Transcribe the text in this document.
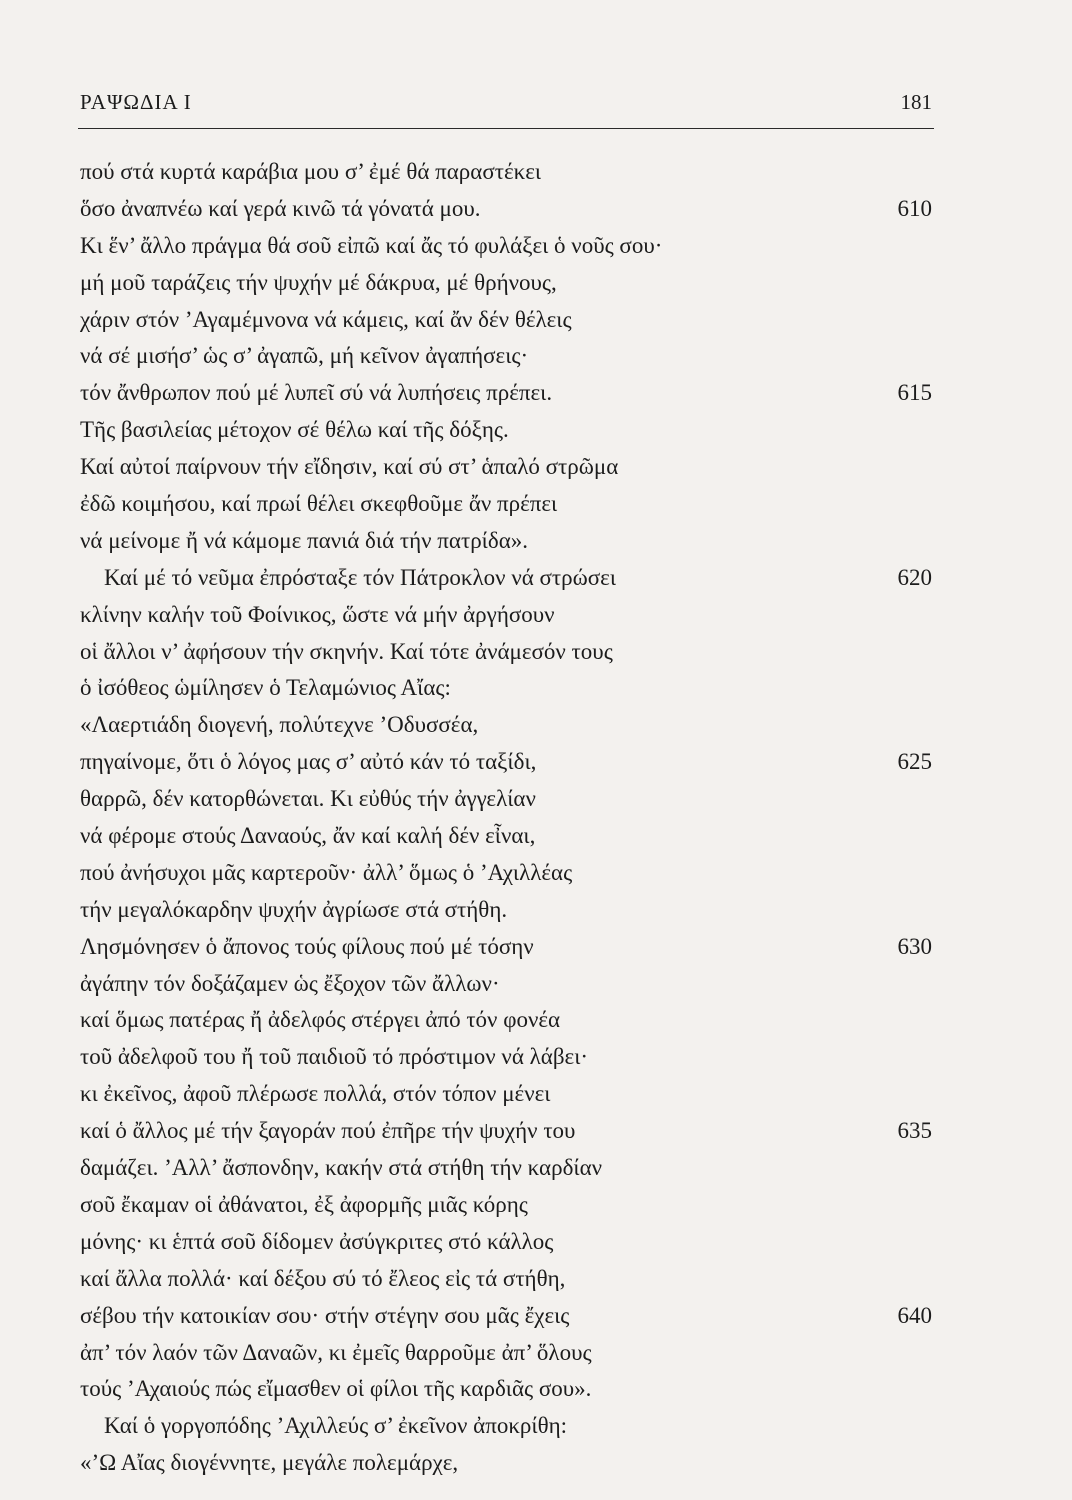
ΡΑΨΩΔΙΑ Ι	181
πού στά κυρτά καράβια μου σ’ ἐμέ θά παραστέκει
ὅσο ἀναπνέω καί γερά κινῶ τά γόνατά μου.	610
Κι ἕν’ ἄλλο πράγμα θά σοῦ εἰπῶ καί ἄς τό φυλάξει ὁ νοῦς σου·
μή μοῦ ταράζεις τήν ψυχήν μέ δάκρυα, μέ θρήνους,
χάριν στόν ’Αγαμέμνονα νά κάμεις, καί ἄν δέν θέλεις
νά σέ μισήσ’ ὡς σ’ ἀγαπῶ, μή κεῖνον ἀγαπήσεις·
τόν ἄνθρωπον πού μέ λυπεῖ σύ νά λυπήσεις πρέπει.	615
Τῆς βασιλείας μέτοχον σέ θέλω καί τῆς δόξης.
Καί αὐτοί παίρνουν τήν εἴδησιν, καί σύ στ’ ἁπαλό στρῶμα
ἐδῶ κοιμήσου, καί πρωί θέλει σκεφθοῦμε ἄν πρέπει
νά μείνομε ἤ νά κάμομε πανιά διά τήν πατρίδα».
Καί μέ τό νεῦμα ἐπρόσταξε τόν Πάτροκλον νά στρώσει	620
κλίνην καλήν τοῦ Φοίνικος, ὥστε νά μήν ἀργήσουν
οἱ ἄλλοι ν’ ἀφήσουν τήν σκηνήν. Καί τότε ἀνάμεσόν τους
ὁ ἰσόθεος ὡμίλησεν ὁ Τελαμώνιος Αἴας:
«Λαερτιάδη διογενή, πολύτεχνε ’Οδυσσέα,
πηγαίνομε, ὅτι ὁ λόγος μας σ’ αὐτό κάν τό ταξίδι,	625
θαρρῶ, δέν κατορθώνεται. Κι εὐθύς τήν ἀγγελίαν
νά φέρομε στούς Δαναούς, ἄν καί καλή δέν εἶναι,
πού ἀνήσυχοι μᾶς καρτεροῦν· ἀλλ’ ὅμως ὁ ’Αχιλλέας
τήν μεγαλόκαρδην ψυχήν ἀγρίωσε στά στήθη.
Λησμόνησεν ὁ ἄπονος τούς φίλους πού μέ τόσην	630
ἀγάπην τόν δοξάζαμεν ὡς ἔξοχον τῶν ἄλλων·
καί ὅμως πατέρας ἤ ἀδελφός στέργει ἀπό τόν φονέα
τοῦ ἀδελφοῦ του ἤ τοῦ παιδιοῦ τό πρόστιμον νά λάβει·
κι ἐκεῖνος, ἀφοῦ πλέρωσε πολλά, στόν τόπον μένει
καί ὁ ἄλλος μέ τήν ξαγοράν πού ἐπῆρε τήν ψυχήν του	635
δαμάζει. ’Αλλ’ ἄσπονδην, κακήν στά στήθη τήν καρδίαν
σοῦ ἔκαμαν οἱ ἀθάνατοι, ἐξ ἀφορμῆς μιᾶς κόρης
μόνης· κι ἑπτά σοῦ δίδομεν ἀσύγκριτες στό κάλλος
καί ἄλλα πολλά· καί δέξου σύ τό ἔλεος εἰς τά στήθη,
σέβου τήν κατοικίαν σου· στήν στέγην σου μᾶς ἔχεις	640
ἀπ’ τόν λαόν τῶν Δαναῶν, κι ἐμεῖς θαρροῦμε ἀπ’ ὅλους
τούς ’Αχαιούς πώς εἴμασθεν οἱ φίλοι τῆς καρδιᾶς σου».
Καί ὁ γοργοπόδης ’Αχιλλεύς σ’ ἐκεῖνον ἀποκρίθη:
«’Ω Αἴας διογέννητε, μεγάλε πολεμάρχε,
